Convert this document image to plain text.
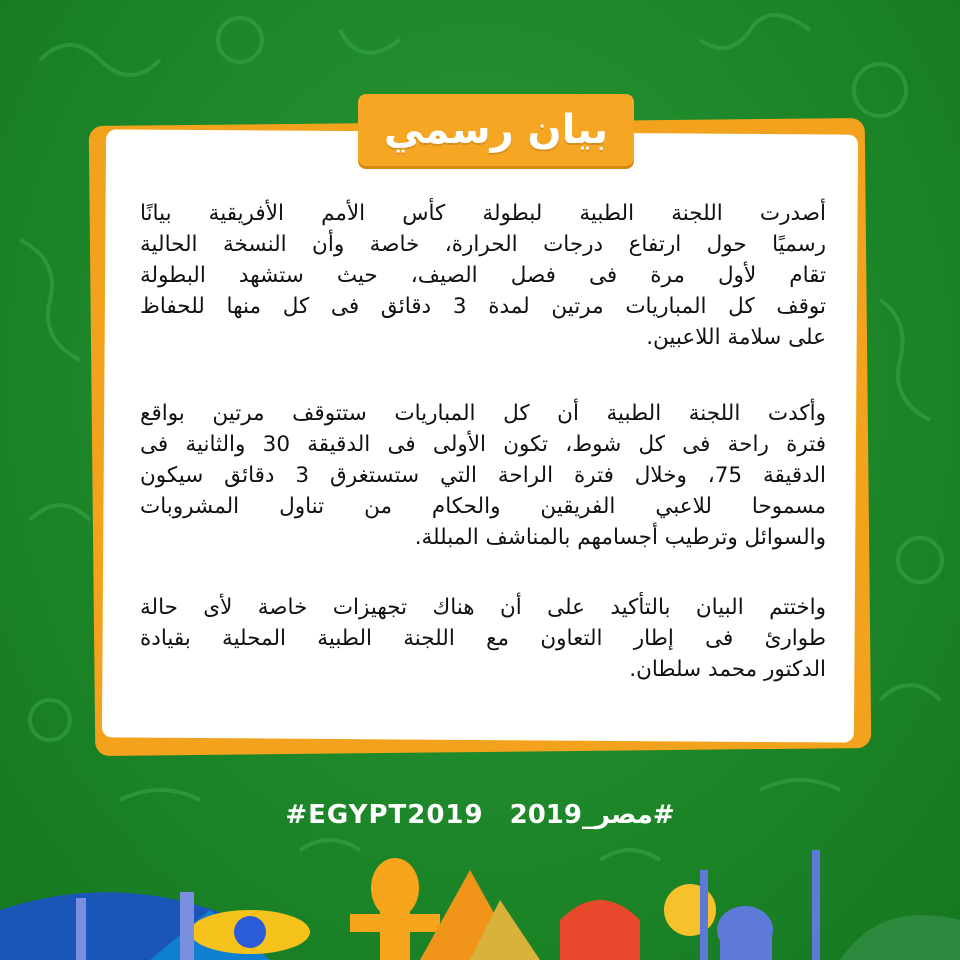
بيان رسمي
أصدرت اللجنة الطبية لبطولة كأس الأمم الأفريقية بيانًا
رسميًا حول ارتفاع درجات الحرارة، خاصة وأن النسخة الحالية
تقام لأول مرة فى فصل الصيف، حيث ستشهد البطولة
توقف كل المباريات مرتين لمدة 3 دقائق فى كل منها للحفاظ
على سلامة اللاعبين.
وأكدت اللجنة الطبية أن كل المباريات ستتوقف مرتين بواقع
فترة راحة فى كل شوط، تكون الأولى فى الدقيقة 30 والثانية فى
الدقيقة 75، وخلال فترة الراحة التي ستستغرق 3 دقائق سيكون
مسموحا للاعبي الفريقين والحكام من تناول المشروبات
والسوائل وترطيب أجسامهم بالمناشف المبللة.
واختتم البيان بالتأكيد على أن هناك تجهيزات خاصة لأى حالة
طوارئ فى إطار التعاون مع اللجنة الطبية المحلية بقيادة
الدكتور محمد سلطان.
#EGYPT2019 #مصر_2019
